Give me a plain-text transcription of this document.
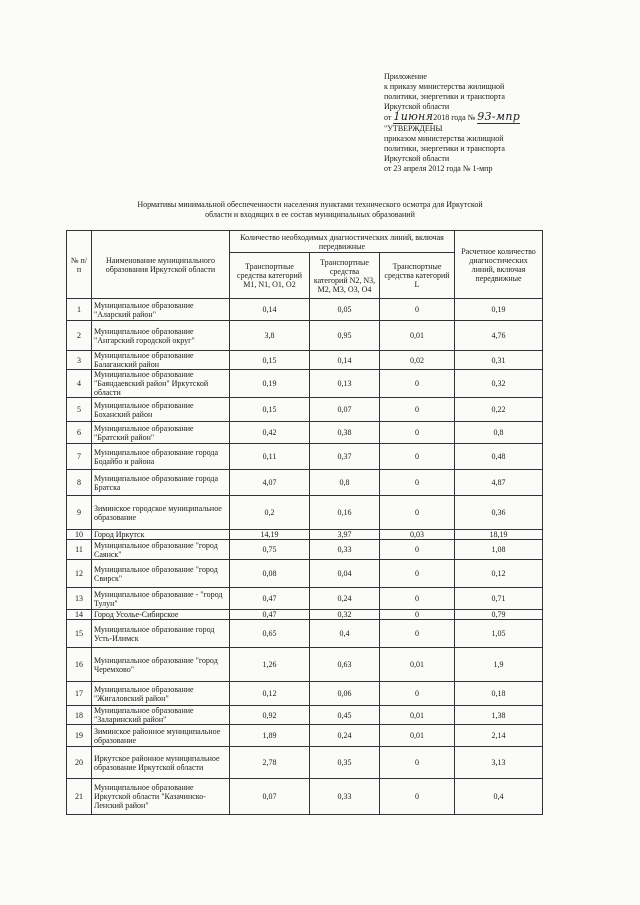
Приложение
к приказу министерства жилищной
политики, энергетики и транспорта
Иркутской области
от 1июня2018 года № 93-мпр
"УТВЕРЖДЕНЫ
приказом министерства жилищной
политики, энергетики и транспорта
Иркутской области
от 23 апреля 2012 года № 1-мпр
Нормативы минимальной обеспеченности населения пунктами технического осмотра для Иркутской
области и входящих в ее состав муниципальных образований
№ п/п	Наименование муниципального образования Иркутской области	Количество необходимых диагностических линий, включая передвижные			Расчетное количество диагностических линий, включая передвижные
		Транспортные средства категорий М1, N1, O1, O2	Транспортные средства категорий N2, N3, M2, M3, O3, O4	Транспортные средства категорий L	
1	Муниципальное образование "Аларский район"	0,14	0,05	0	0,19
2	Муниципальное образование "Ангарский городской округ"	3,8	0,95	0,01	4,76
3	Муниципальное образование Балаганский район	0,15	0,14	0,02	0,31
4	Муниципальное образование "Баяндаевский район" Иркутской области	0,19	0,13	0	0,32
5	Муниципальное образование Боханский район	0,15	0,07	0	0,22
6	Муниципальное образование "Братский район"	0,42	0,38	0	0,8
7	Муниципальное образование города Бодайбо и района	0,11	0,37	0	0,48
8	Муниципальное образование города Братска	4,07	0,8	0	4,87
9	Зиминское городское муниципальное образование	0,2	0,16	0	0,36
10	Город Иркутск	14,19	3,97	0,03	18,19
11	Муниципальное образование "город Саянск"	0,75	0,33	0	1,08
12	Муниципальное образование "город Свирск"	0,08	0,04	0	0,12
13	Муниципальное образование - "город Тулун"	0,47	0,24	0	0,71
14	Город Усолье-Сибирское	0,47	0,32	0	0,79
15	Муниципальное образование город Усть-Илимск	0,65	0,4	0	1,05
16	Муниципальное образование "город Черемхово"	1,26	0,63	0,01	1,9
17	Муниципальное образование "Жигаловский район"	0,12	0,06	0	0,18
18	Муниципальное образование "Заларинский район"	0,92	0,45	0,01	1,38
19	Зиминское районное муниципальное образование	1,89	0,24	0,01	2,14
20	Иркутское районное муниципальное образование Иркутской области	2,78	0,35	0	3,13
21	Муниципальное образование Иркутской области "Казачинско-Ленский район"	0,07	0,33	0	0,4
